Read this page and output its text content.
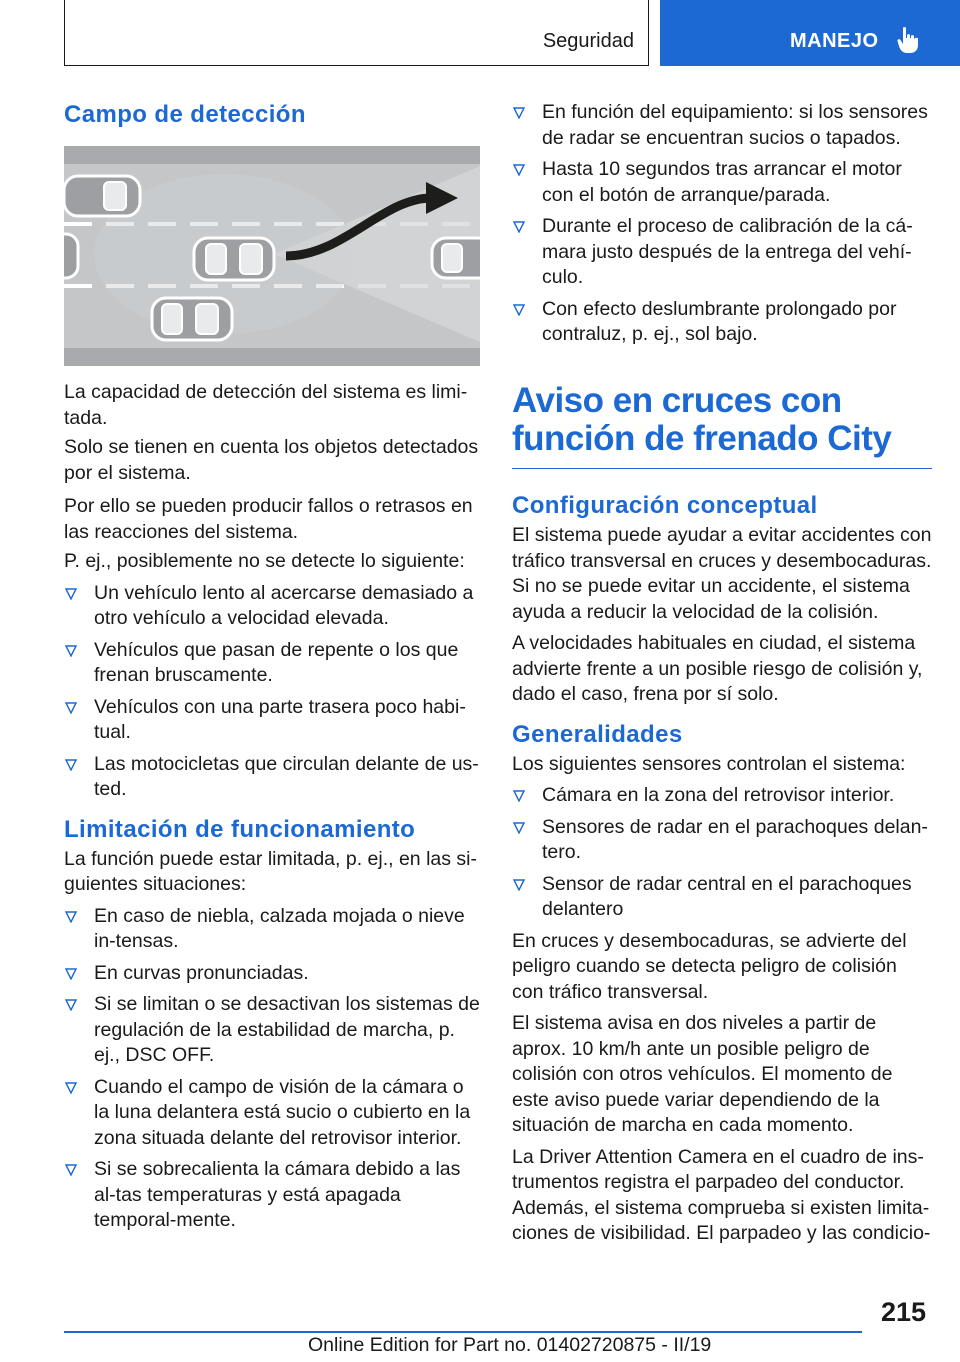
Seguridad	MANEJO
Campo de detección

La capacidad de detección del sistema es limi-tada.

Solo se tienen en cuenta los objetos detectados por el sistema.

Por ello se pueden producir fallos o retrasos en las reacciones del sistema.

P. ej., posiblemente no se detecte lo siguiente:

Un vehículo lento al acercarse demasiado a otro vehículo a velocidad elevada.
Vehículos que pasan de repente o los que frenan bruscamente.
Vehículos con una parte trasera poco habi-tual.
Las motocicletas que circulan delante de us-ted.
Limitación de funcionamiento

La función puede estar limitada, p. ej., en las si-guientes situaciones:

En caso de niebla, calzada mojada o nieve in-tensas.
En curvas pronunciadas.
Si se limitan o se desactivan los sistemas de regulación de la estabilidad de marcha, p. ej., DSC OFF.
Cuando el campo de visión de la cámara o la luna delantera está sucio o cubierto en la zona situada delante del retrovisor interior.
Si se sobrecalienta la cámara debido a las al-tas temperaturas y está apagada temporal-mente.
En función del equipamiento: si los sensores de radar se encuentran sucios o tapados.
Hasta 10 segundos tras arrancar el motor con el botón de arranque/parada.
Durante el proceso de calibración de la cá-mara justo después de la entrega del vehí-culo.
Con efecto deslumbrante prolongado por contraluz, p. ej., sol bajo.
Aviso en cruces con función de frenado City
Configuración conceptual

El sistema puede ayudar a evitar accidentes con tráfico transversal en cruces y desembocaduras. Si no se puede evitar un accidente, el sistema ayuda a reducir la velocidad de la colisión.

A velocidades habituales en ciudad, el sistema advierte frente a un posible riesgo de colisión y, dado el caso, frena por sí solo.

Generalidades

Los siguientes sensores controlan el sistema:

Cámara en la zona del retrovisor interior.
Sensores de radar en el parachoques delan-tero.
Sensor de radar central en el parachoques delantero

En cruces y desembocaduras, se advierte del peligro cuando se detecta peligro de colisión con tráfico transversal.

El sistema avisa en dos niveles a partir de aprox. 10 km/h ante un posible peligro de colisión con otros vehículos. El momento de este aviso puede variar dependiendo de la situación de marcha en cada momento.

La Driver Attention Camera en el cuadro de ins-trumentos registra el parpadeo del conductor. Además, el sistema comprueba si existen limita-ciones de visibilidad. El parpadeo y las condicio-

215
Online Edition for Part no. 01402720875 - II/19
